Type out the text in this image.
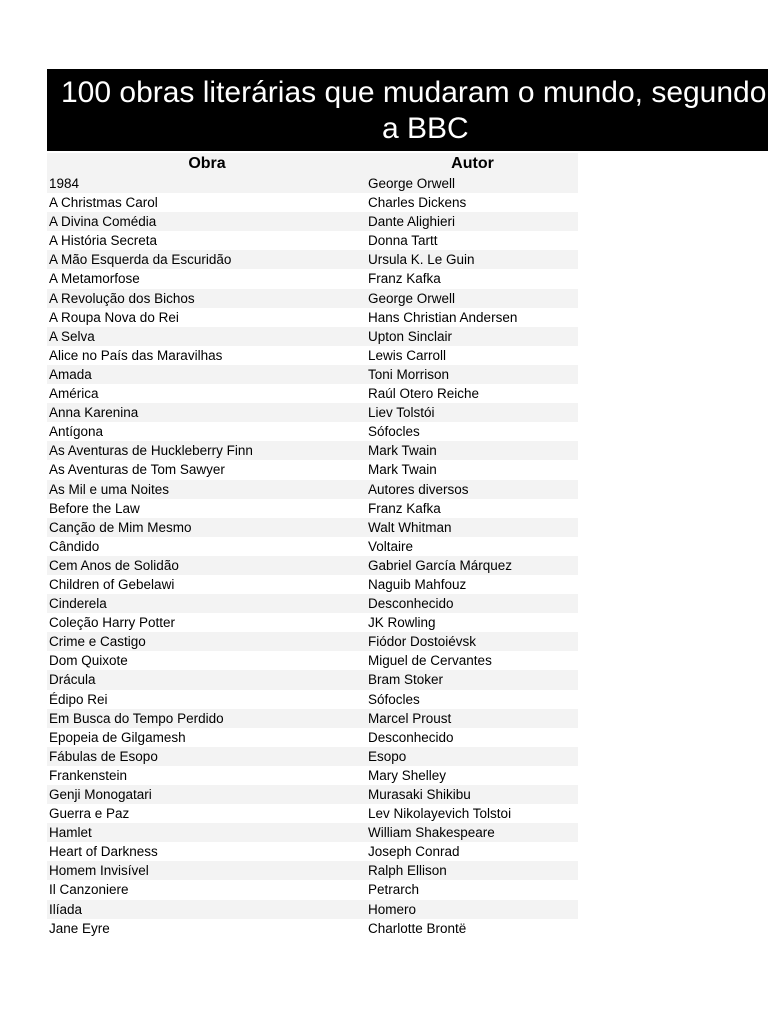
100 obras literárias que mudaram o mundo, segundo
a BBC
Obra	Autor
1984	George Orwell
A Christmas Carol	Charles Dickens
A Divina Comédia	Dante Alighieri
A História Secreta	Donna Tartt
A Mão Esquerda da Escuridão	Ursula K. Le Guin
A Metamorfose	Franz Kafka
A Revolução dos Bichos	George Orwell
A Roupa Nova do Rei	Hans Christian Andersen
A Selva	Upton Sinclair
Alice no País das Maravilhas	Lewis Carroll
Amada	Toni Morrison
América	Raúl Otero Reiche
Anna Karenina	Liev Tolstói
Antígona	Sófocles
As Aventuras de Huckleberry Finn	Mark Twain
As Aventuras de Tom Sawyer	Mark Twain
As Mil e uma Noites	Autores diversos
Before the Law	Franz Kafka
Canção de Mim Mesmo	Walt Whitman
Cândido	Voltaire
Cem Anos de Solidão	Gabriel García Márquez
Children of Gebelawi	Naguib Mahfouz
Cinderela	Desconhecido
Coleção Harry Potter	JK Rowling
Crime e Castigo	Fiódor Dostoiévsk
Dom Quixote	Miguel de Cervantes
Drácula	Bram Stoker
Édipo Rei	Sófocles
Em Busca do Tempo Perdido	Marcel Proust
Epopeia de Gilgamesh	Desconhecido
Fábulas de Esopo	Esopo
Frankenstein	Mary Shelley
Genji Monogatari	Murasaki Shikibu
Guerra e Paz	Lev Nikolayevich Tolstoi
Hamlet	William Shakespeare
Heart of Darkness	Joseph Conrad
Homem Invisível	Ralph Ellison
Il Canzoniere	Petrarch
Ilíada	Homero
Jane Eyre	Charlotte Brontë
